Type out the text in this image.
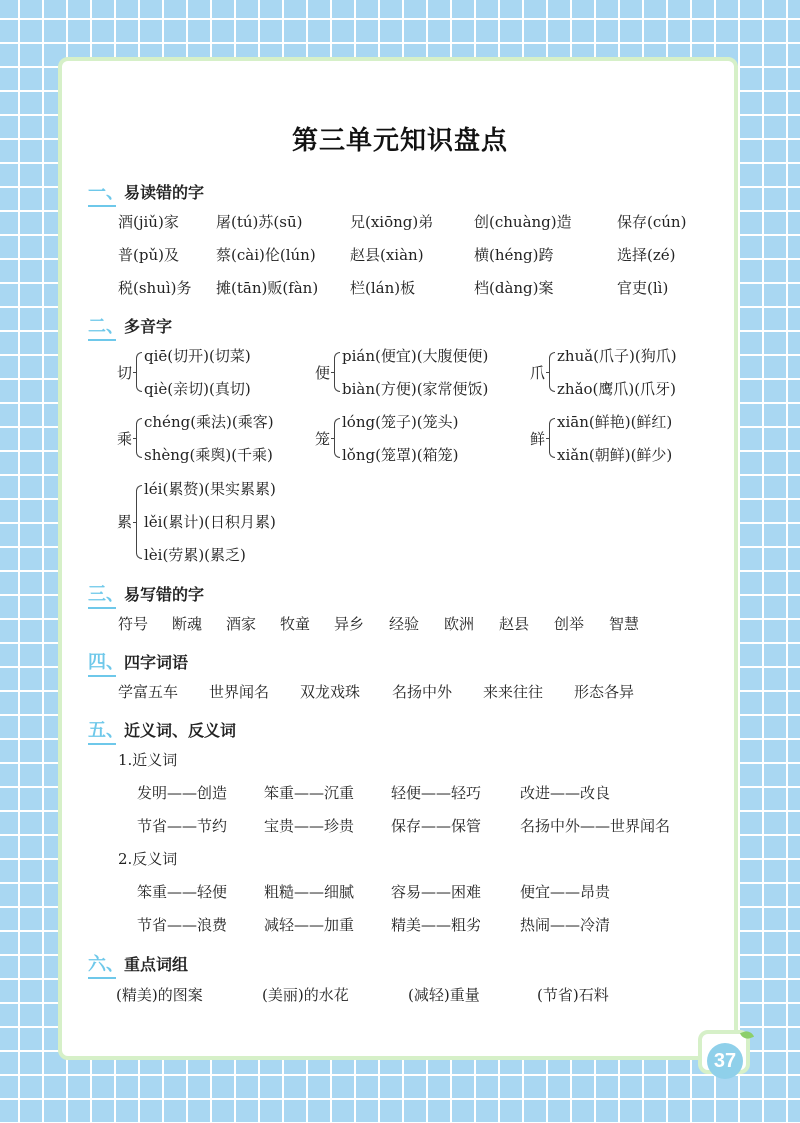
37
第三单元知识盘点
一、易读错的字
酒(jiǔ)家 屠(tú)苏(sū)	兄(xiōng)弟	创(chuàng)造	保存(cún)
普(pǔ)及 蔡(cài)伦(lún) 赵县(xiàn)	横(héng)跨	选择(zé)
税(shuì)务 摊(tān)贩(fàn) 栏(lán)板	档(dàng)案	官吏(lì)
二、多音字
切
qiē(切开)(切菜)
qiè(亲切)(真切)
便
pián(便宜)(大腹便便)
biàn(方便)(家常便饭)
爪
zhuǎ(爪子)(狗爪)
zhǎo(鹰爪)(爪牙)
乘
chéng(乘法)(乘客)
shèng(乘舆)(千乘)
笼
lóng(笼子)(笼头)
lǒng(笼罩)(箱笼)
鲜
xiān(鲜艳)(鲜红)
xiǎn(朝鲜)(鲜少)
累
léi(累赘)(果实累累)
lěi(累计)(日积月累)
lèi(劳累)(累乏)
三、易写错的字
符号 断魂 酒家 牧童 异乡 经验 欧洲 赵县 创举 智慧
四、四字词语
学富五车 世界闻名 双龙戏珠 名扬中外 来来往往 形态各异
五、近义词、反义词
1.近义词
发明——创造 笨重——沉重 轻便——轻巧	改进——改良
节省——节约 宝贵——珍贵 保存——保管	名扬中外——世界闻名
2.反义词
笨重——轻便 粗糙——细腻 容易——困难	便宜——昂贵
节省——浪费 减轻——加重 精美——粗劣	热闹——冷清
六、重点词组
(精美)的图案	(美丽)的水花	(减轻)重量	(节省)石料
